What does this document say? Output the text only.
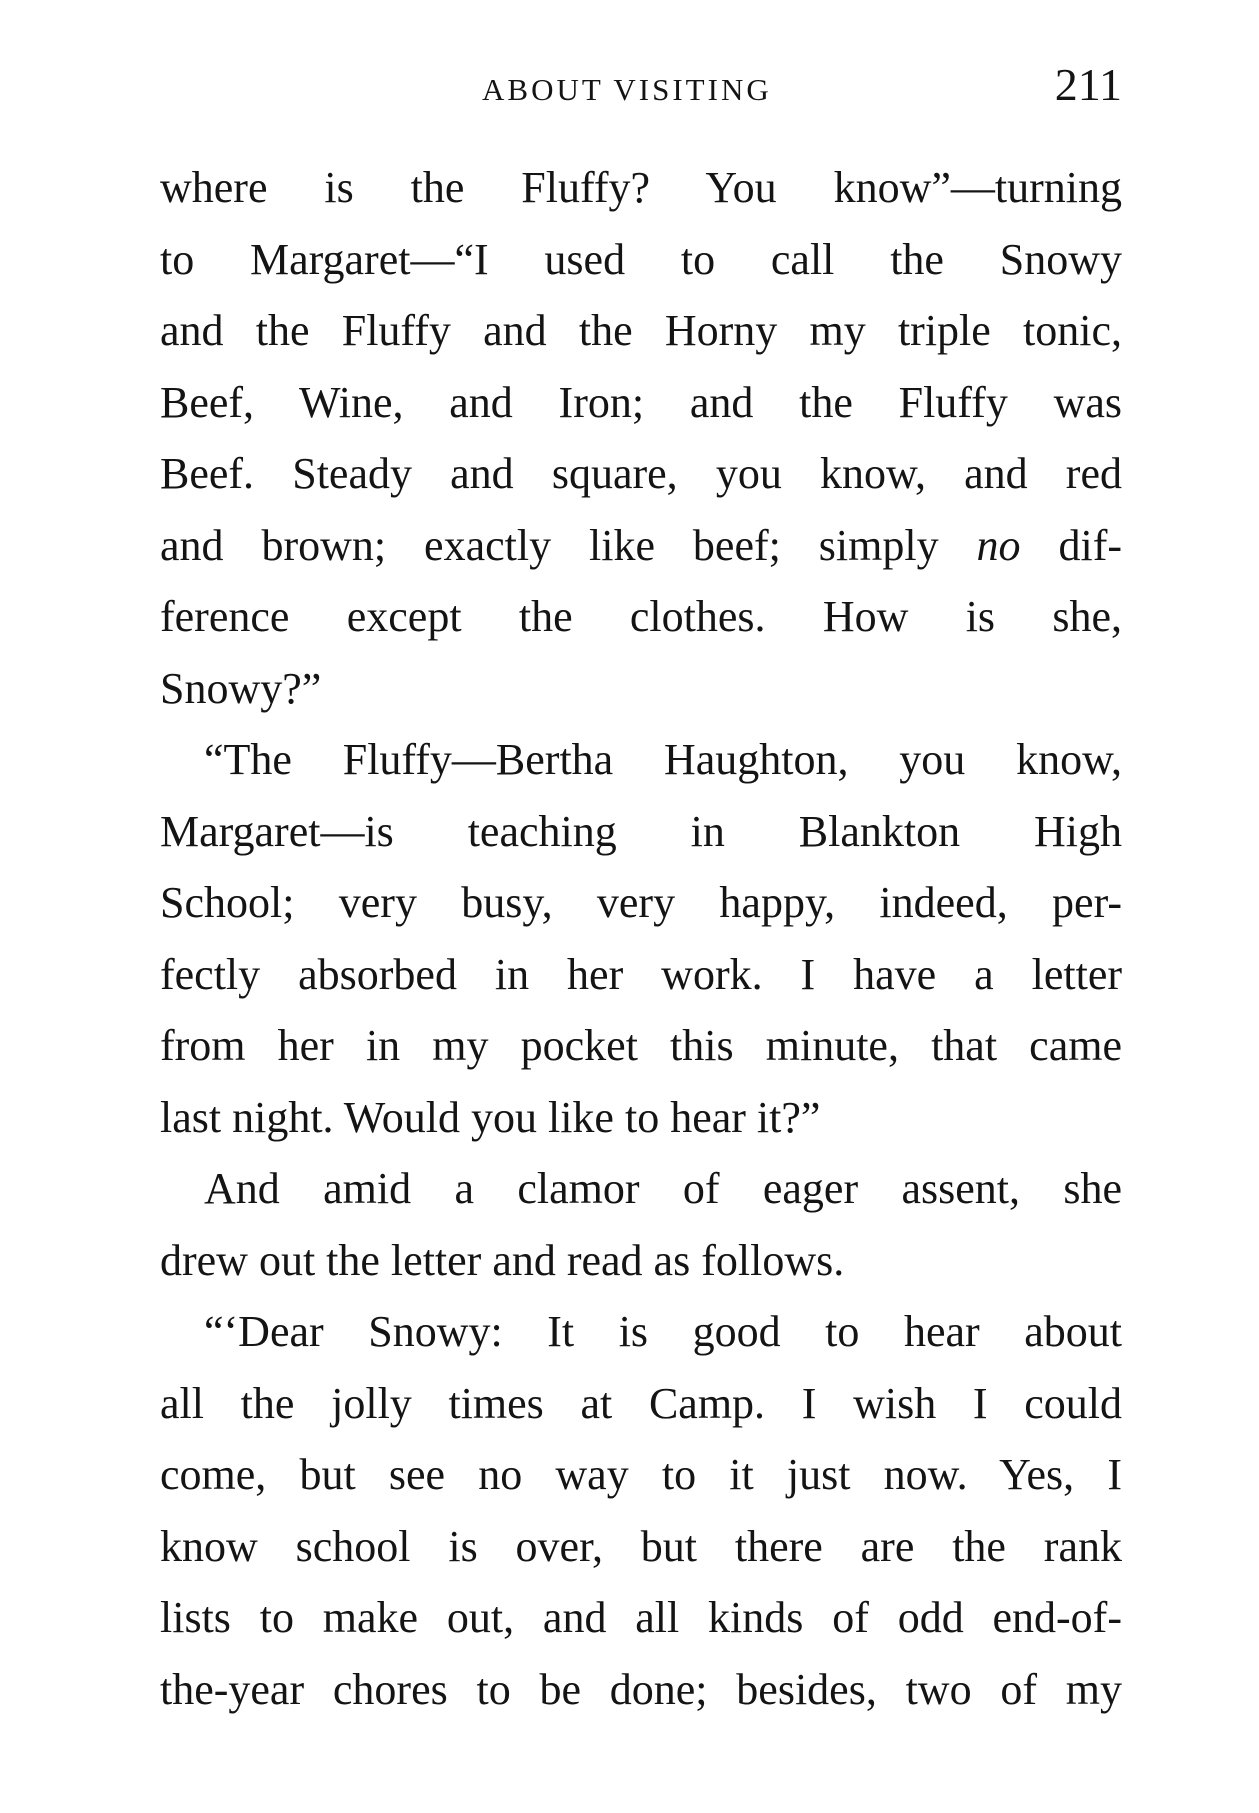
ABOUT VISITING	211
where is the Fluffy? You know”—turning
to Margaret—“I used to call the Snowy
and the Fluffy and the Horny my triple tonic,
Beef, Wine, and Iron; and the Fluffy was
Beef. Steady and square, you know, and red
and brown; exactly like beef; simply no dif-
ference except the clothes. How is she,
Snowy?”
“The Fluffy—Bertha Haughton, you know,
Margaret—is teaching in Blankton High
School; very busy, very happy, indeed, per-
fectly absorbed in her work. I have a letter
from her in my pocket this minute, that came
last night. Would you like to hear it?”
And amid a clamor of eager assent, she
drew out the letter and read as follows.
“‘Dear Snowy: It is good to hear about
all the jolly times at Camp. I wish I could
come, but see no way to it just now. Yes, I
know school is over, but there are the rank
lists to make out, and all kinds of odd end-of-
the-year chores to be done; besides, two of my
